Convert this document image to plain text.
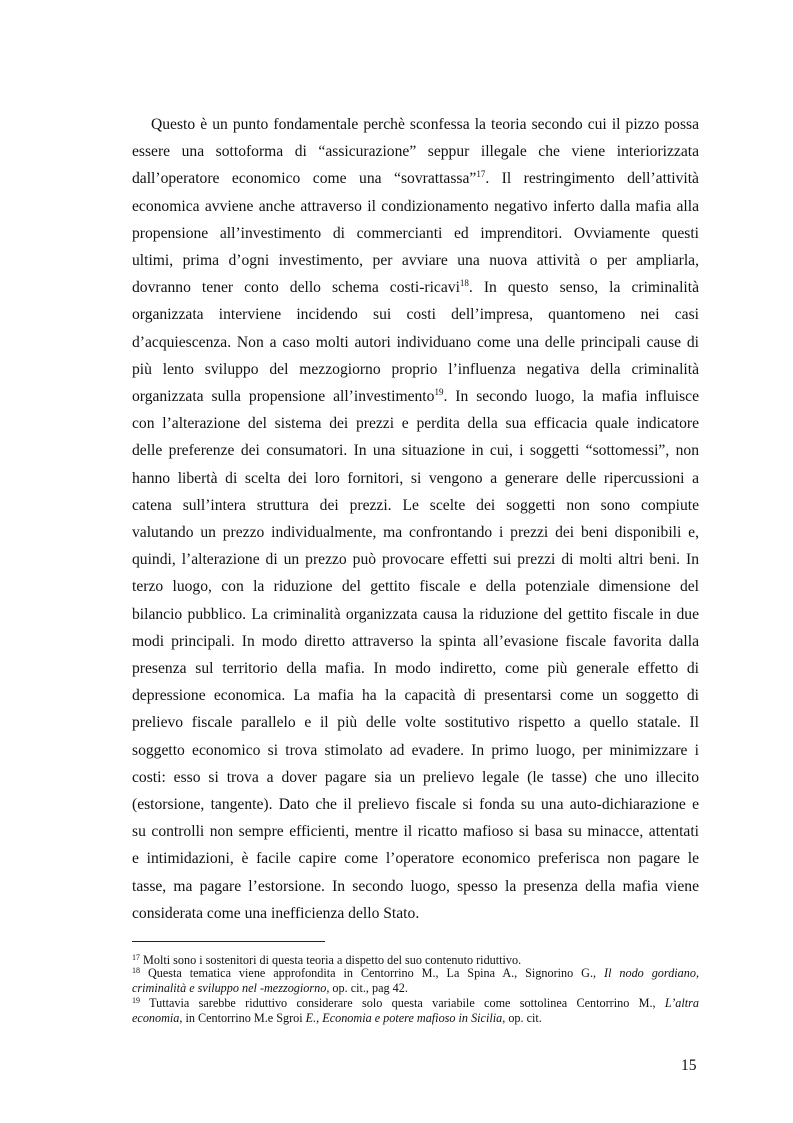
Questo è un punto fondamentale perchè sconfessa la teoria secondo cui il pizzo possa
essere una sottoforma di “assicurazione” seppur illegale che viene interiorizzata
dall’operatore economico come una “sovrattassa”$^{17}$. Il restringimento dell’attività
economica avviene anche attraverso il condizionamento negativo inferto dalla mafia alla
propensione all’investimento di commercianti ed imprenditori. Ovviamente questi
ultimi, prima d’ogni investimento, per avviare una nuova attività o per ampliarla,
dovranno tener conto dello schema costi-ricavi$^{18}$. In questo senso, la criminalità
organizzata interviene incidendo sui costi dell’impresa, quantomeno nei casi
d’acquiescenza. Non a caso molti autori individuano come una delle principali cause di
più lento sviluppo del mezzogiorno proprio l’influenza negativa della criminalità
organizzata sulla propensione all’investimento$^{19}$. In secondo luogo, la mafia influisce
con l’alterazione del sistema dei prezzi e perdita della sua efficacia quale indicatore
delle preferenze dei consumatori. In una situazione in cui, i soggetti “sottomessi”, non
hanno libertà di scelta dei loro fornitori, si vengono a generare delle ripercussioni a
catena sull’intera struttura dei prezzi. Le scelte dei soggetti non sono compiute
valutando un prezzo individualmente, ma confrontando i prezzi dei beni disponibili e,
quindi, l’alterazione di un prezzo può provocare effetti sui prezzi di molti altri beni. In
terzo luogo, con la riduzione del gettito fiscale e della potenziale dimensione del
bilancio pubblico. La criminalità organizzata causa la riduzione del gettito fiscale in due
modi principali. In modo diretto attraverso la spinta all’evasione fiscale favorita dalla
presenza sul territorio della mafia. In modo indiretto, come più generale effetto di
depressione economica. La mafia ha la capacità di presentarsi come un soggetto di
prelievo fiscale parallelo e il più delle volte sostitutivo rispetto a quello statale. Il
soggetto economico si trova stimolato ad evadere. In primo luogo, per minimizzare i
costi: esso si trova a dover pagare sia un prelievo legale (le tasse) che uno illecito
(estorsione, tangente). Dato che il prelievo fiscale si fonda su una auto-dichiarazione e
su controlli non sempre efficienti, mentre il ricatto mafioso si basa su minacce, attentati
e intimidazioni, è facile capire come l’operatore economico preferisca non pagare le
tasse, ma pagare l’estorsione. In secondo luogo, spesso la presenza della mafia viene
considerata come una inefficienza dello Stato.
$^{17}$ Molti sono i sostenitori di questa teoria a dispetto del suo contenuto riduttivo.
$^{18}$ Questa tematica viene approfondita in Centorrino M., La Spina A., Signorino G., Il nodo gordiano,
criminalità e sviluppo nel -mezzogiorno, op. cit., pag 42.
$^{19}$ Tuttavia sarebbe riduttivo considerare solo questa variabile come sottolinea Centorrino M., L’altra
economia, in Centorrino M.e Sgroi E., Economia e potere mafioso in Sicilia, op. cit.
15
